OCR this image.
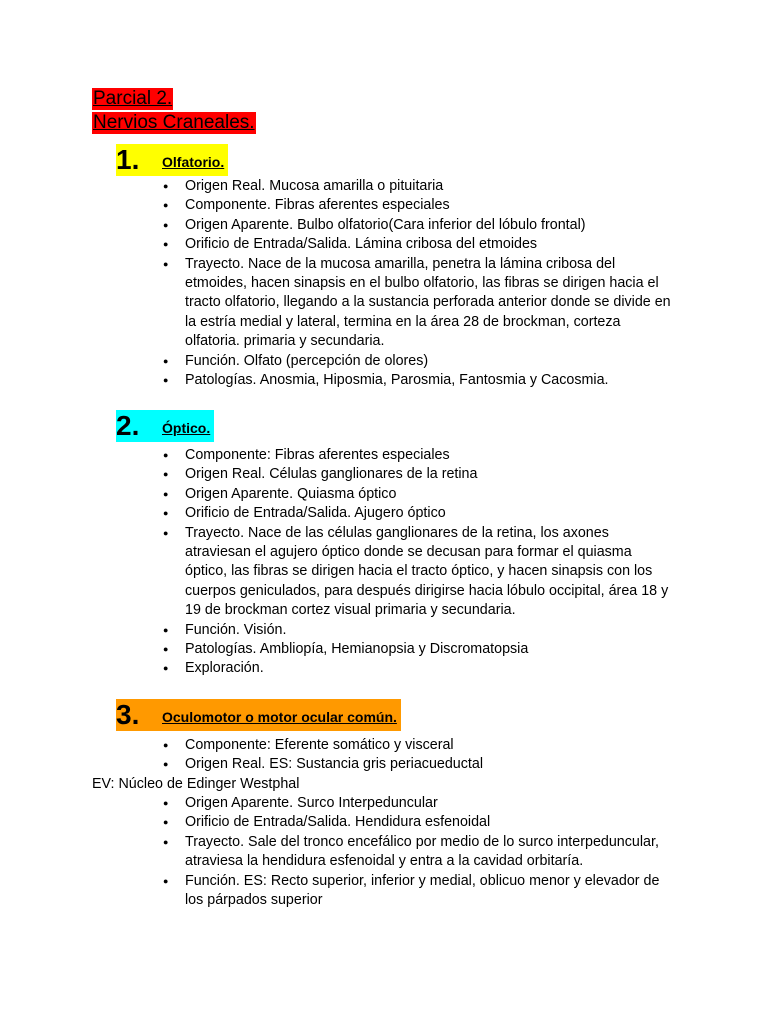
Parcial 2.
Nervios Craneales.
1.	Olfatorio.
● Origen Real. Mucosa amarilla o pituitaria
● Componente. Fibras aferentes especiales
● Origen Aparente. Bulbo olfatorio(Cara inferior del lóbulo frontal)
● Orificio de Entrada/Salida. Lámina cribosa del etmoides
● Trayecto. Nace de la mucosa amarilla, penetra la lámina cribosa del etmoides, hacen sinapsis en el bulbo olfatorio, las fibras se dirigen hacia el tracto olfatorio, llegando a la sustancia perforada anterior donde se divide en la estría medial y lateral, termina en la área 28 de brockman, corteza olfatoria. primaria y secundaria.
● Función. Olfato (percepción de olores)
● Patologías. Anosmia, Hiposmia, Parosmia, Fantosmia y Cacosmia.
2.	Óptico.
● Componente: Fibras aferentes especiales
● Origen Real. Células ganglionares de la retina
● Origen Aparente. Quiasma óptico
● Orificio de Entrada/Salida. Ajugero óptico
● Trayecto. Nace de las células ganglionares de la retina, los axones atraviesan el agujero óptico donde se decusan para formar el quiasma óptico, las fibras se dirigen hacia el tracto óptico, y hacen sinapsis con los cuerpos geniculados, para después dirigirse hacia lóbulo occipital, área 18 y 19 de brockman cortez visual primaria y secundaria.
● Función. Visión.
● Patologías. Ambliopía, Hemianopsia y Discromatopsia
● Exploración.
3.	Oculomotor o motor ocular común.
● Componente: Eferente somático y visceral
● Origen Real. ES: Sustancia gris periacueductal
EV: Núcleo de Edinger Westphal
● Origen Aparente. Surco Interpeduncular
● Orificio de Entrada/Salida. Hendidura esfenoidal
● Trayecto. Sale del tronco encefálico por medio de lo surco interpeduncular, atraviesa la hendidura esfenoidal y entra a la cavidad orbitaría.
● Función. ES: Recto superior, inferior y medial, oblicuo menor y elevador de los párpados superior
